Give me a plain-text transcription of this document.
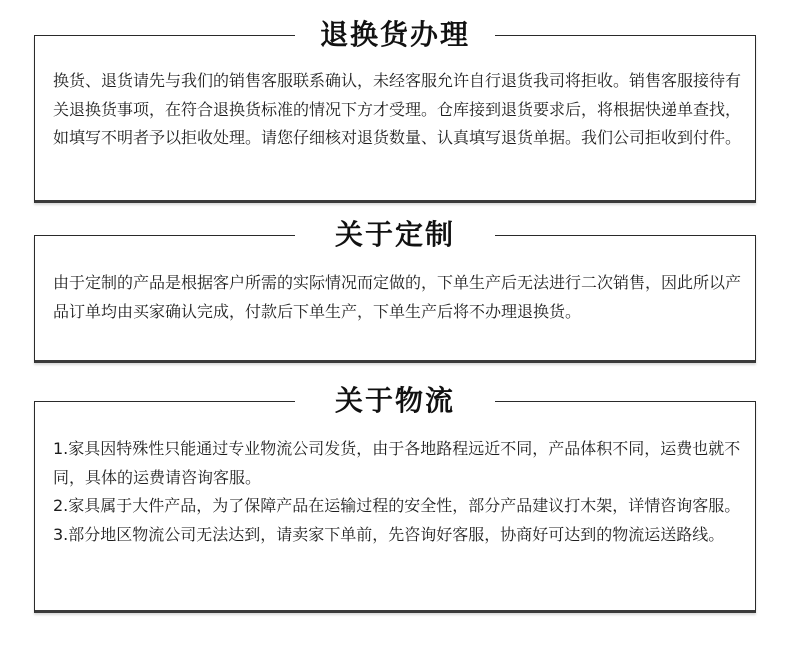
退换货办理

换货、退货请先与我们的销售客服联系确认，未经客服允许自行退货我司将拒收。销售客服接待有关退换货事项，在符合退换货标准的情况下方才受理。仓库接到退货要求后，将根据快递单查找，如填写不明者予以拒收处理。请您仔细核对退货数量、认真填写退货单据。我们公司拒收到付件。

关于定制

由于定制的产品是根据客户所需的实际情况而定做的，下单生产后无法进行二次销售，因此所以产品订单均由买家确认完成，付款后下单生产，下单生产后将不办理退换货。

关于物流

1.家具因特殊性只能通过专业物流公司发货，由于各地路程远近不同，产品体积不同，运费也就不同，具体的运费请咨询客服。

2.家具属于大件产品，为了保障产品在运输过程的安全性，部分产品建议打木架，详情咨询客服。

3.部分地区物流公司无法达到，请卖家下单前，先咨询好客服，协商好可达到的物流运送路线。
